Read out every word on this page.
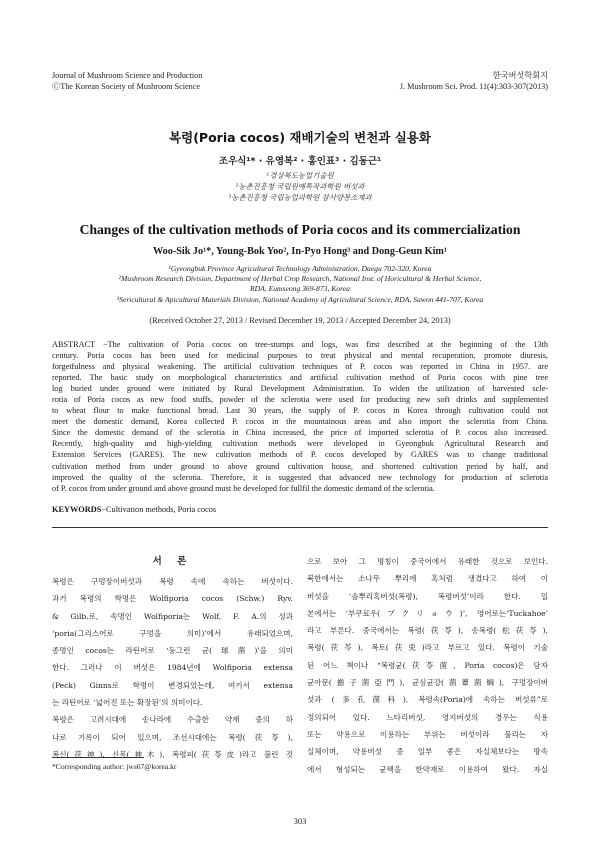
Journal of Mushroom Science and Production
ⒸThe Korean Society of Mushroom Science
한국버섯학회지
J. Mushroom Sci. Prod. 11(4):303-307(2013)
복령(Poria cocos) 재배기술의 변천과 실용화
조우식¹* · 유영복² · 홍인표³ · 김동근¹
¹경상북도농업기술원
²농촌진흥청 국립원예특작과학원 버섯과
³농촌진흥청 국립농업과학원 잠사양봉소재과
Changes of the cultivation methods of Poria cocos and its commercialization
Woo-Sik Jo¹*, Young-Bok Yoo², In-Pyo Hong³ and Dong-Geun Kim¹
¹Gyeongbuk Province Agricultural Technology Administration, Daegu 702-320, Korea
²Mushroom Research Division, Department of Herbal Crop Research, National Inst. of Horicultural & Herbal Science,
RDA, Eumseong 369-873, Korea
³Sericultural & Apicultural Materials Division, National Academy of Agricultural Science, RDA, Suwon 441-707, Korea
(Received October 27, 2013 / Revised December 19, 2013 / Accepted December 24, 2013)
ABSTRACT −The cultivation of Poria cocos on tree-stumps and logs, was first described at the beginning of the 13th
century. Poria cocos has been used for medicinal purposes to treat physical and mental recuperation, promote diuresis,
forgetfulness and physical weakening. The artificial cultivation techniques of P. cocos was reported in China in 1957. are
reported. The basic study on morphological characteristics and artificial cultivation method of Poria cocos with pine tree
log buried under ground were initiated by Rural Development Administration. To widen the utilization of harvested scle-
rotia of Poria cocos as new food stuffs, powder of the sclerotia were used for producing new soft drinks and supplemented
to wheat flour to make functional bread. Last 30 years, the supply of P. cocos in Korea through cultivation could not
meet the domestic demand, Korea collected P. cocos in the mountainous areas and also import the sclerotia from China.
Since the domestic demand of the sclerotia in China increased, the price of imported sclerotia of P. cocos also increased.
Recently, high-quality and high-yielding cultivation methods were developed in Gyeongbuk Agricultural Research and
Extension Services (GARES). The new cultivation methods of P. cocos developed by GARES was to change traditional
cultivation method from under ground to above ground cultivation house, and shortened cultivation period by half, and
improved the quality of the sclerotia. Therefore, it is suggested that advanced new technology for production of sclerotia
of P. cocos from under ground and above ground must be developed for fullfil the domestic demand of the sclerotia.
KEYWORDS−Cultivation methods, Poria cocos
서 론
복령은 구멍장이버섯과 복령 속에 속하는 버섯이다.
과거 복령의 학명은 Wolfiporia cocos (Schw.) Ryv.
& Gilb.로, 속명인 Wolfiporia는 Wolf, F. A.의 성과
‘poria(그리스어로 구멍을 의미)’에서 유래되었으며,
종명인 cocos는 라틴어로 ‘둥그런 균(球菌)’을 의미
한다. 그러나 이 버섯은 1984년에 Wolfiporia extensa
(Peck) Ginns로 학명이 변경되었는데, 여기서 extensa
는 라틴어로 ‘넓어진 또는 확장된’의 의미이다.
복령은 고려시대에 송나라에 수출한 약재 중의 하
나로 기록이 되어 있으며, 조선시대에는 복령(茯苓),
복신(茯神), 신목(神木), 복령피(茯苓皮)라고 불린 것
으로 보아 그 명칭이 중국어에서 유래한 것으로 보인다.
북한에서는 소나무 뿌리에 혹처럼 생겼다고 하여 이
버섯을 ‘솔뿌리혹버섯(복령), 복령버섯’이라 한다. 일
본에서는 ‘부쿠료우(ブクリョウ)’, 영어로는‘Tuckahoe’
라고 부른다. 중국에서는 복령(茯苓), 송복령(松茯苓),
복령(茯芩), 복토(茯兎)라고 부르고 있다. 복령이 기술
된 어느 책이나 “복령균(茯苓菌, Poria cocos)은 담자
균아문(擔子菌亞門), 균심균강(菌蕈菌綱), 구멍장이버
섯과 (多孔菌科), 복령속(Poria)에 속하는 버섯류”로
정의되어 있다. 느타리버섯, 영지버섯의 경우는 식용
또는 약용으로 이용하는 부위는 버섯이라 불리는 자
실체이며, 약용버섯 중 일부 좋은 자실체보다는 땅속
에서 형성되는 균핵을 한약재로 이용하여 왔다. 자실
*Corresponding author: jws67@korea.kr
303
